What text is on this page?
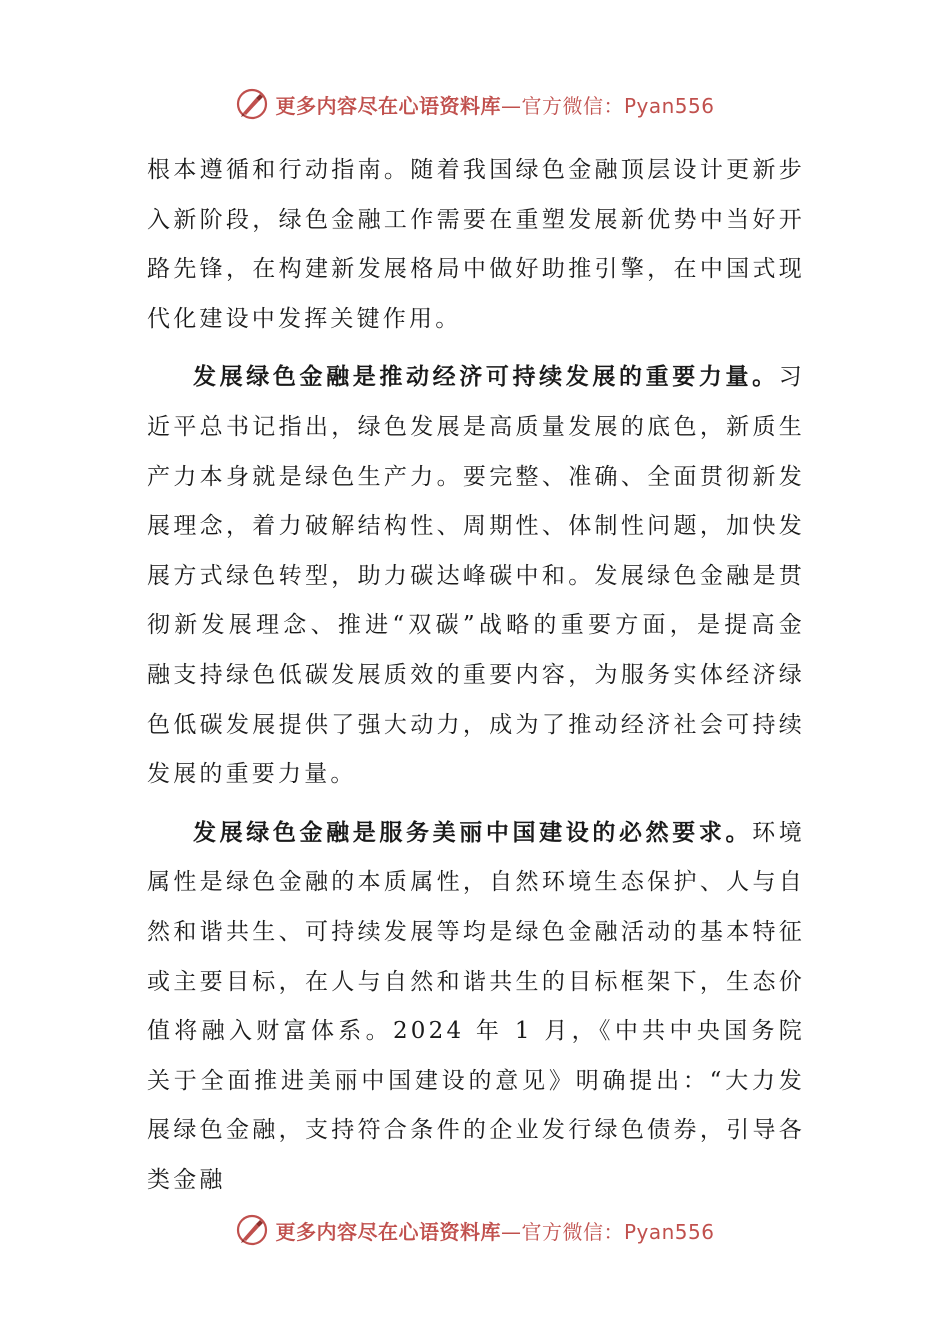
更多内容尽在心语资料库—官方微信：Pyan556

根本遵循和行动指南。随着我国绿色金融顶层设计更新步入新阶段，绿色金融工作需要在重塑发展新优势中当好开路先锋，在构建新发展格局中做好助推引擎，在中国式现代化建设中发挥关键作用。

发展绿色金融是推动经济可持续发展的重要力量。习近平总书记指出，绿色发展是高质量发展的底色，新质生产力本身就是绿色生产力。要完整、准确、全面贯彻新发展理念，着力破解结构性、周期性、体制性问题，加快发展方式绿色转型，助力碳达峰碳中和。发展绿色金融是贯彻新发展理念、推进“双碳”战略的重要方面，是提高金融支持绿色低碳发展质效的重要内容，为服务实体经济绿色低碳发展提供了强大动力，成为了推动经济社会可持续发展的重要力量。

发展绿色金融是服务美丽中国建设的必然要求。环境属性是绿色金融的本质属性，自然环境生态保护、人与自然和谐共生、可持续发展等均是绿色金融活动的基本特征或主要目标，在人与自然和谐共生的目标框架下，生态价值将融入财富体系。2024 年 1 月，《中共中央国务院关于全面推进美丽中国建设的意见》明确提出：“大力发展绿色金融，支持符合条件的企业发行绿色债券，引导各类金融

更多内容尽在心语资料库—官方微信：Pyan556
